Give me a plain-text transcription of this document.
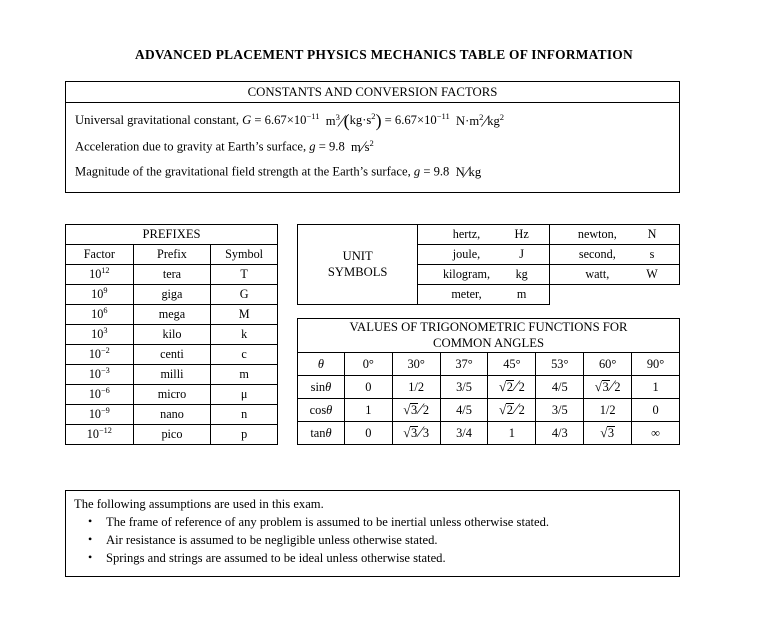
ADVANCED PLACEMENT PHYSICS MECHANICS TABLE OF INFORMATION
CONSTANTS AND CONVERSION FACTORS

Universal gravitational constant, $G = 6.67\times 10^{-11}$ $m^3$ ⁄ $(kg\cdot s^2) = 6.67\times 10^{-11}$ $N\cdot m^2$ ⁄ $kg^2$
Acceleration due to gravity at Earth’s surface, g = 9.8 m ⁄ $s^2$
Magnitude of the gravitational field strength at the Earth’s surface, g = 9.8 N ⁄ kg
PREFIXES		
Factor	Prefix	Symbol
$10^{12}$	tera	T
$10^9$	giga	G
$10^6$	mega	M
$10^3$	kilo	k
$10^{-2}$	centi	c
$10^{-3}$	milli	m
$10^{-6}$	micro	μ
$10^{-9}$	nano	n
$10^{-12}$	pico	p
UNIT
SYMBOLS	hertz, Hz	newton, N

	joule, J	second, s

	kilogram, kg	watt, W

	meter, m	

VALUES OF TRIGONOMETRIC FUNCTIONS FOR
COMMON ANGLES							
θ	0°	30°	37°	45°	53°	60°	90°
sinθ	0	1/2	3/5	√ 2 ⁄ 2	4/5	√ 3 ⁄ 2	1
cosθ	1	√ 3 ⁄ 2	4/5	√ 2 ⁄ 2	3/5	1/2	0
tanθ	0	√ 3 ⁄ 3	3/4	1	4/3	√ 3	∞
The following assumptions are used in this exam.
• The frame of reference of any problem is assumed to be inertial unless otherwise stated.
• Air resistance is assumed to be negligible unless otherwise stated.
• Springs and strings are assumed to be ideal unless otherwise stated.
